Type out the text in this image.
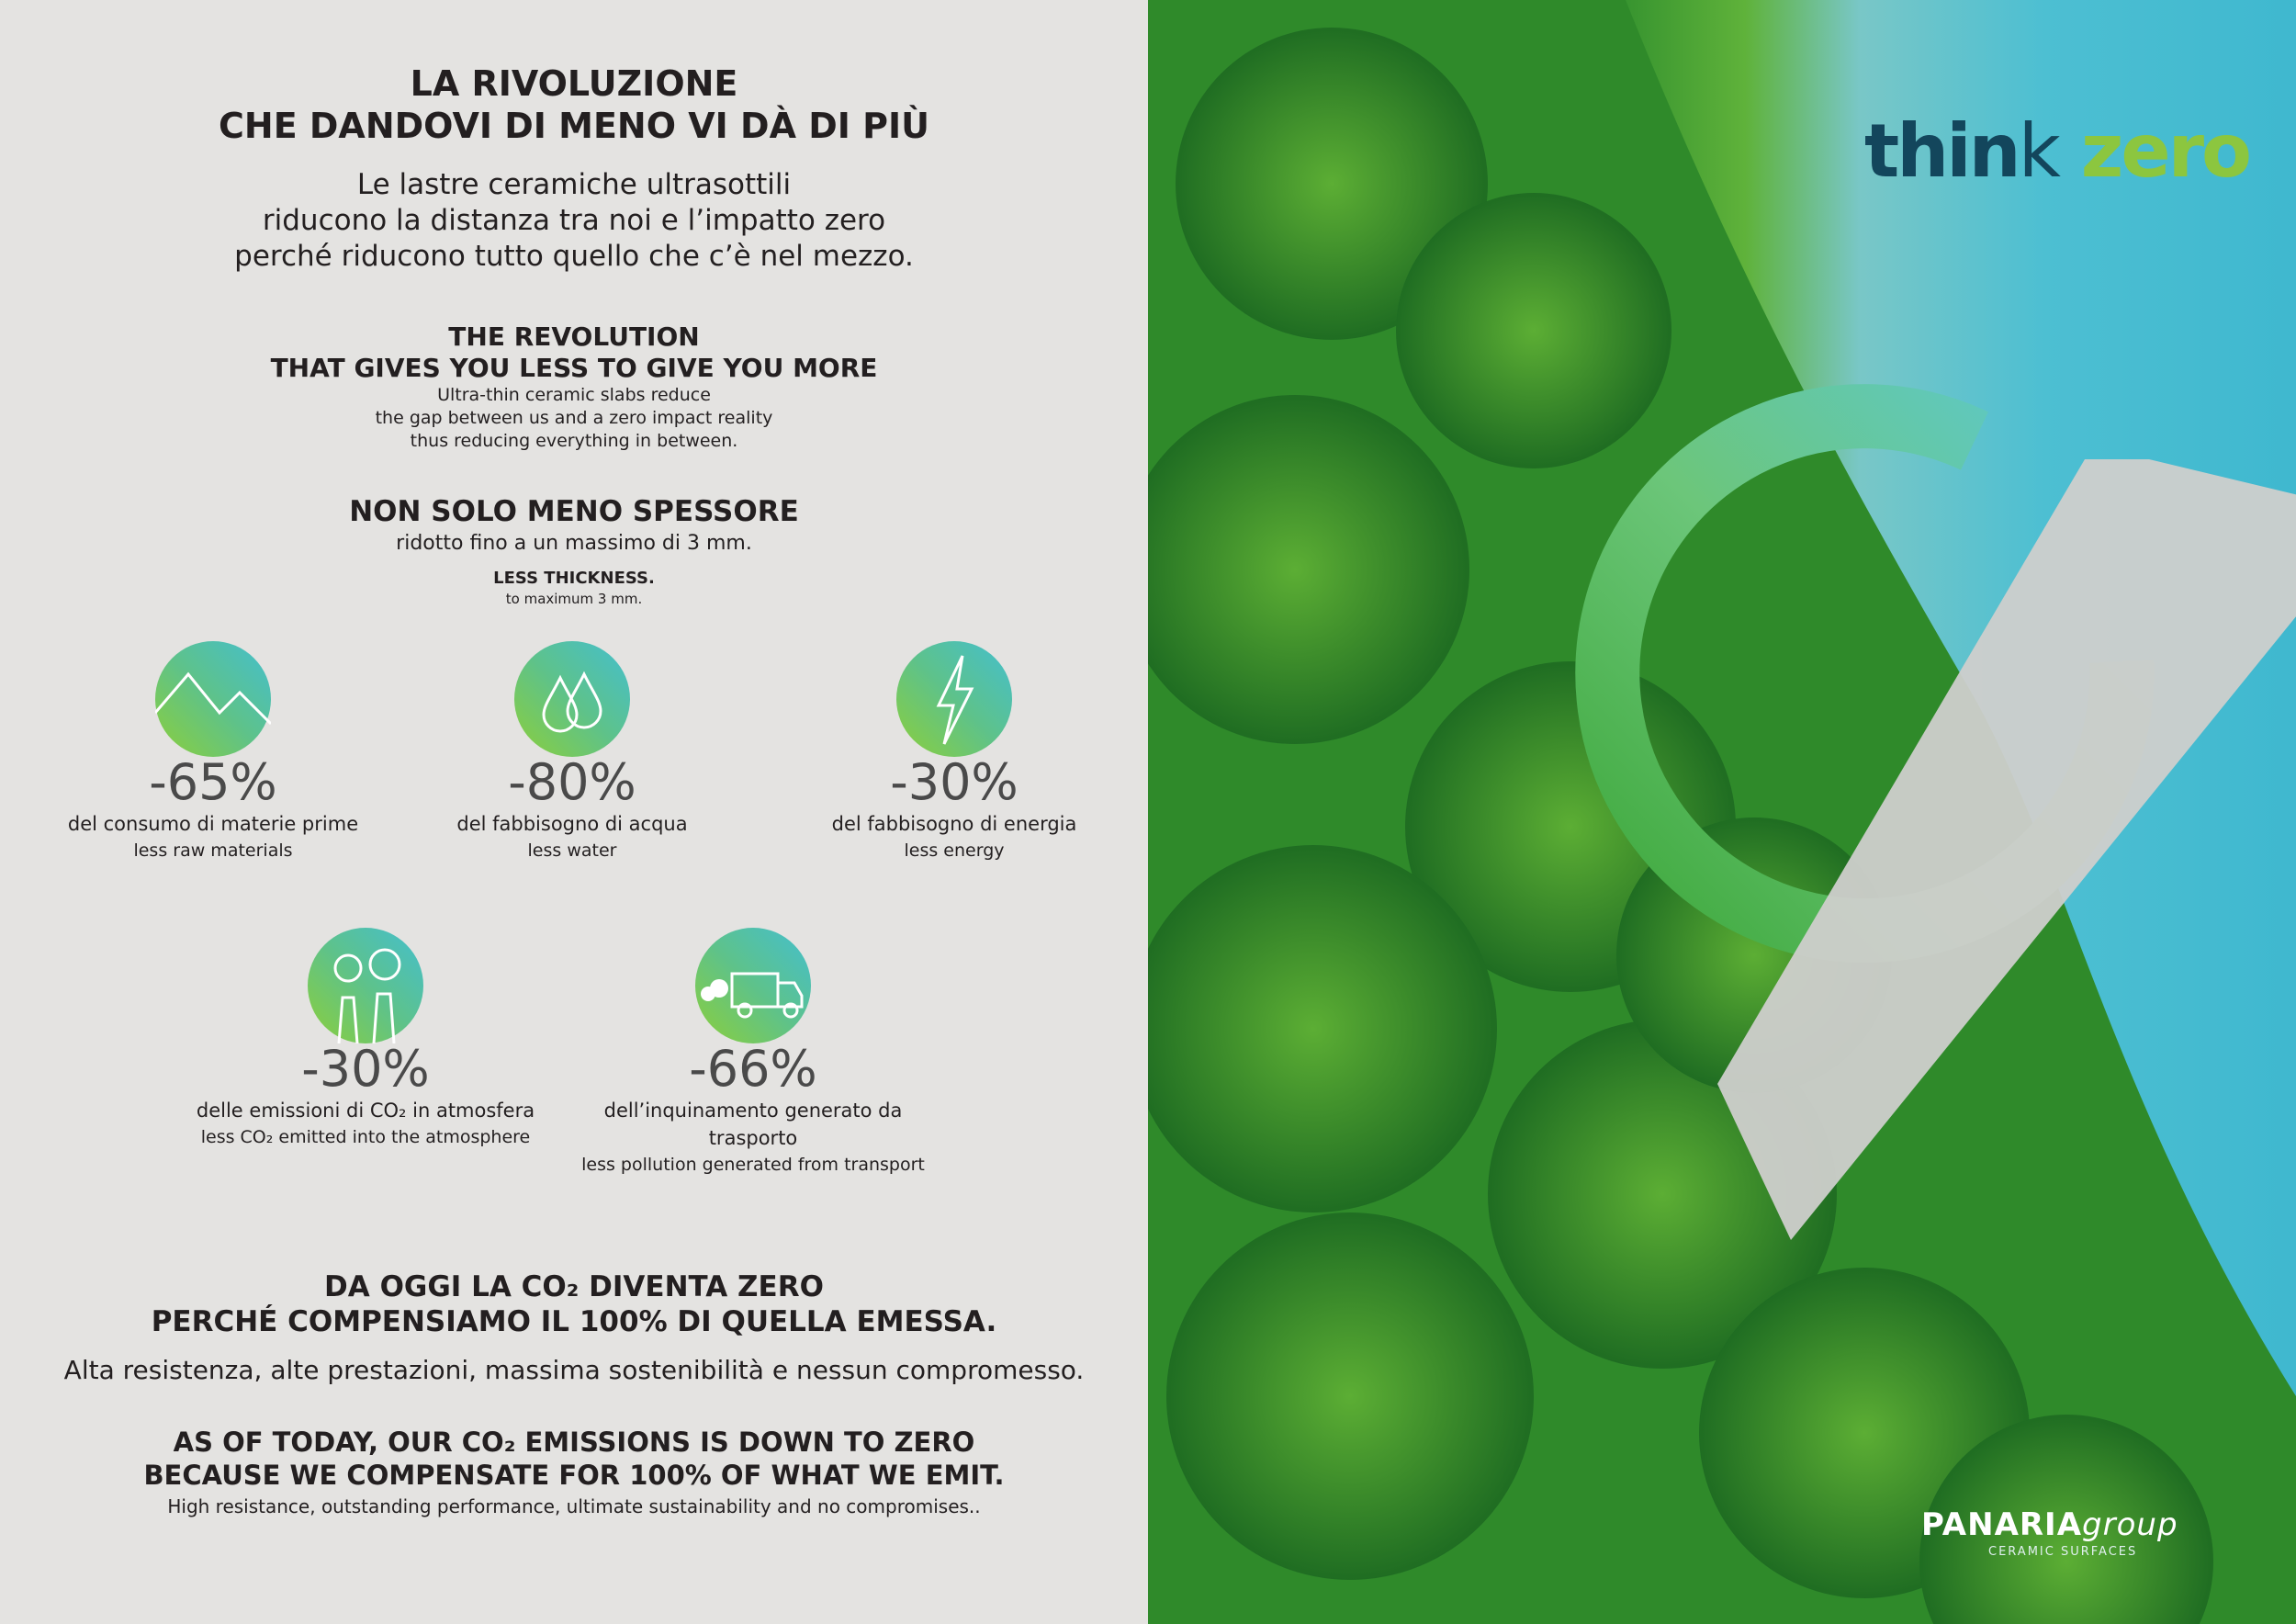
LA RIVOLUZIONE
CHE DANDOVI DI MENO VI DÀ DI PIÙ
Le lastre ceramiche ultrasottili
riducono la distanza tra noi e l’impatto zero
perché riducono tutto quello che c’è nel mezzo.
THE REVOLUTION
THAT GIVES YOU LESS TO GIVE YOU MORE
Ultra-thin ceramic slabs reduce
the gap between us and a zero impact reality
thus reducing everything in between.
NON SOLO MENO SPESSORE
ridotto fino a un massimo di 3 mm.
LESS THICKNESS.
to maximum 3 mm.
-65%
del consumo di materie prime
less raw materials
-80%
del fabbisogno di acqua
less water
-30%
del fabbisogno di energia
less energy
-30%
delle emissioni di CO₂ in atmosfera
less CO₂ emitted into the atmosphere
-66%
dell’inquinamento generato da trasporto
less pollution generated from transport
DA OGGI LA CO₂ DIVENTA ZERO
PERCHÉ COMPENSIAMO IL 100% DI QUELLA EMESSA.
Alta resistenza, alte prestazioni, massima sostenibilità e nessun compromesso.
AS OF TODAY, OUR CO₂ EMISSIONS IS DOWN TO ZERO
BECAUSE WE COMPENSATE FOR 100% OF WHAT WE EMIT.
High resistance, outstanding performance, ultimate sustainability and no compromises..
think zero
PANARIAgroup
CERAMIC SURFACES
